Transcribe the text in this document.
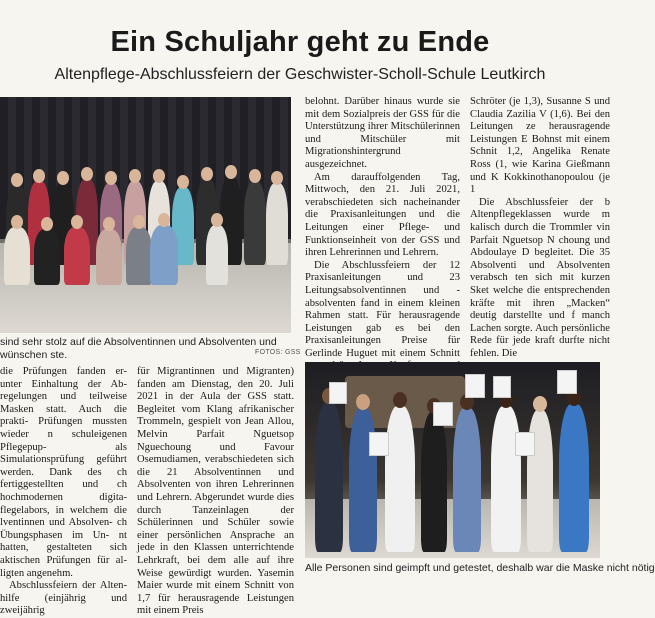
Ein Schuljahr geht zu Ende
Altenpflege-Abschlussfeiern der Geschwister-Scholl-Schule Leutkirch
sind sehr stolz auf die Absolventinnen und Absolventen und wünschen ste.	FOTOS: GSS

die Prüfungen fanden er- unter Einhaltung der Ab- regelungen und teilweise Masken statt. Auch die prakti- Prüfungen mussten wieder n schuleigenen Pflegepup- als Simulationsprüfung geführt werden. Dank des ch fertiggestellten und ch hochmodernen digita- flegelabors, in welchem die lventinnen und Absolven- ch Übungsphasen im Un- nt hatten, gestalteten sich aktischen Prüfungen für al- ligten angenehm.

Abschlussfeiern der Alten- hilfe (einjährig und zweijährig

für Migrantinnen und Migranten) fanden am Dienstag, den 20. Juli 2021 in der Aula der GSS statt. Begleitet vom Klang afrikanischer Trommeln, gespielt von Jean Allou, Melvin Parfait Nguetsop Nguechoung und Favour Osemudiamen, verabschiedeten sich die 21 Absolventinnen und Absolventen von ihren Lehrerinnen und Lehrern. Abgerundet wurde dies durch Tanzeinlagen der Schülerinnen und Schüler sowie einer persönlichen Ansprache an jede in den Klassen unterrichtende Lehrkraft, bei dem alle auf ihre Weise gewürdigt wurden. Yasemin Maier wurde mit einem Schnitt von 1,7 für herausragende Leistungen mit einem Preis

belohnt. Darüber hinaus wurde sie mit dem Sozialpreis der GSS für die Unterstützung ihrer Mitschülerinnen und Mitschüler mit Migrationshintergrund ausgezeichnet.

Am darauffolgenden Tag, Mittwoch, den 21. Juli 2021, verabschiedeten sich nacheinander die Praxisanleitungen und die Leitungen einer Pflege- und Funktionseinheit von der GSS und ihren Lehrerinnen und Lehrern.

Die Abschlussfeiern der 12 Praxisanleitungen und 23 Leitungsabsolventinnen und -absolventen fand in einem kleinen Rahmen statt. Für herausragende Leistungen gab es bei den Praxisanleitungen Preise für Gerlinde Huguet mit einem Schnitt

Schröter (je 1,3), Susanne S und Claudia Zazilia V (1,6). Bei den Leitungen ze herausragende Leistungen E Bohnst mit einem Schnit 1,2, Angelika Renate Ross (1, wie Karina Gießmann und K Kokkinothanopoulou (je 1

Die Abschlussfeier der b Altenpflegeklassen wurde m kalisch durch die Trommler vin Parfait Nguetsop N choung und Abdoulaye D begleitet. Die 35 Absolventi und Absolventen verabsch ten sich mit kurzen Sket welche die entsprechenden kräfte mit ihren „Macken“ deutig darstellte und f manch Lachen sorgte. Auch persönliche Rede für jede kraft durfte nicht fehlen. Die

Alle Personen sind geimpft und getestet, deshalb war die Maske nicht nötig
